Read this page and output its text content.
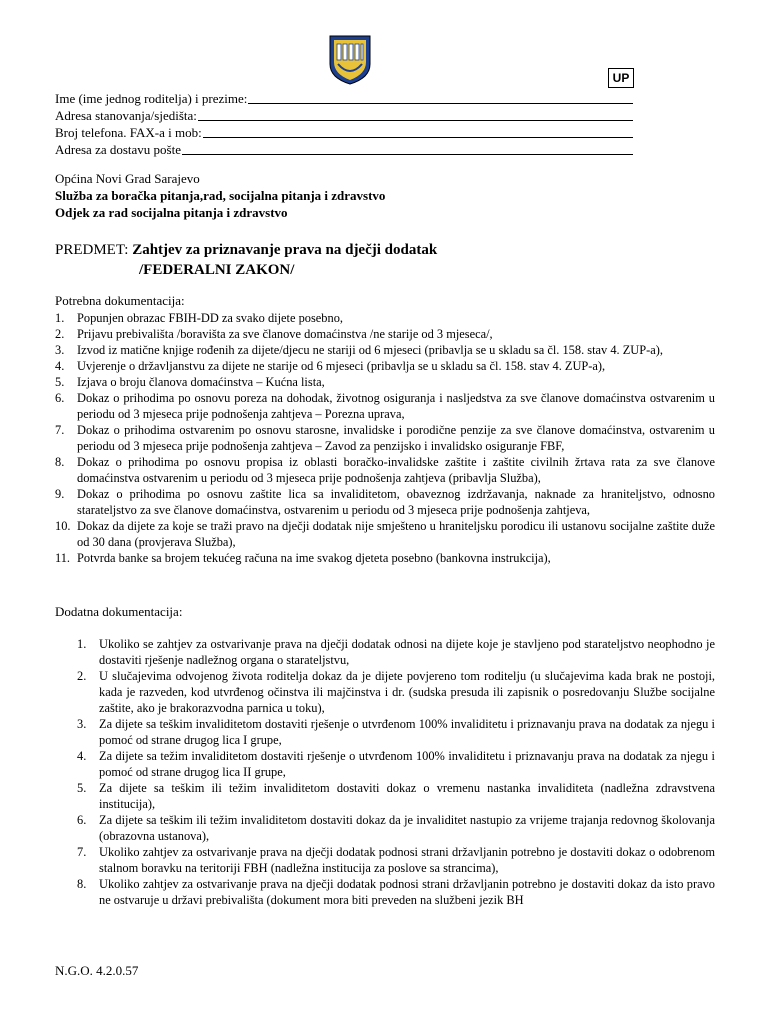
UP
Ime (ime jednog roditelja) i prezime:
Adresa stanovanja/sjedišta:
Broj telefona. FAX-a i mob:
Adresa za dostavu pošte
Općina Novi Grad Sarajevo
Služba za boračka pitanja,rad, socijalna pitanja i zdravstvo
Odjek za rad socijalna pitanja i zdravstvo
PREDMET: Zahtjev za priznavanje prava na dječji dodatak
/FEDERALNI ZAKON/
Potrebna dokumentacija:
1. Popunjen obrazac FBIH-DD za svako dijete posebno,
2. Prijavu prebivališta /boravišta za sve članove domaćinstva /ne starije od 3 mjeseca/,
3. Izvod iz matične knjige rođenih za dijete/djecu ne stariji od 6 mjeseci (pribavlja se u skladu sa čl. 158. stav 4. ZUP-a),
4. Uvjerenje o državljanstvu za dijete ne starije od 6 mjeseci (pribavlja se u skladu sa čl. 158. stav 4. ZUP-a),
5. Izjava o broju članova domaćinstva – Kućna lista,
6. Dokaz o prihodima po osnovu poreza na dohodak, životnog osiguranja i nasljedstva za sve članove domaćinstva ostvarenim u periodu od 3 mjeseca prije podnošenja zahtjeva – Porezna uprava,
7. Dokaz o prihodima ostvarenim po osnovu starosne, invalidske i porodične penzije za sve članove domaćinstva, ostvarenim u periodu od 3 mjeseca prije podnošenja zahtjeva – Zavod za penzijsko i invalidsko osiguranje FBF,
8. Dokaz o prihodima po osnovu propisa iz oblasti boračko-invalidske zaštite i zaštite civilnih žrtava rata za sve članove domaćinstva ostvarenim u periodu od 3 mjeseca prije podnošenja zahtjeva (pribavlja Služba),
9. Dokaz o prihodima po osnovu zaštite lica sa invaliditetom, obaveznog izdržavanja, naknade za hraniteljstvo, odnosno starateljstvo za sve članove domaćinstva, ostvarenim u periodu od 3 mjeseca prije podnošenja zahtjeva,
10. Dokaz da dijete za koje se traži pravo na dječji dodatak nije smješteno u hraniteljsku porodicu ili ustanovu socijalne zaštite duže od 30 dana (provjerava Služba),
11. Potvrda banke sa brojem tekućeg računa na ime svakog djeteta posebno (bankovna instrukcija),
Dodatna dokumentacija:
1. Ukoliko se zahtjev za ostvarivanje prava na dječji dodatak odnosi na dijete koje je stavljeno pod starateljstvo neophodno je dostaviti rješenje nadležnog organa o starateljstvu,
2. U slučajevima odvojenog života roditelja dokaz da je dijete povjereno tom roditelju (u slučajevima kada brak ne postoji, kada je razveden, kod utvrđenog očinstva ili majčinstva i dr. (sudska presuda ili zapisnik o posredovanju Službe socijalne zaštite, ako je brakorazvodna parnica u toku),
3. Za dijete sa teškim invaliditetom dostaviti rješenje o utvrđenom 100% invaliditetu i priznavanju prava na dodatak za njegu i pomoć od strane drugog lica I grupe,
4. Za dijete sa težim invaliditetom dostaviti rješenje o utvrđenom 100% invaliditetu i priznavanju prava na dodatak za njegu i pomoć od strane drugog lica II grupe,
5. Za dijete sa teškim ili težim invaliditetom dostaviti dokaz o vremenu nastanka invaliditeta (nadležna zdravstvena institucija),
6. Za dijete sa teškim ili težim invaliditetom dostaviti dokaz da je invaliditet nastupio za vrijeme trajanja redovnog školovanja (obrazovna ustanova),
7. Ukoliko zahtjev za ostvarivanje prava na dječji dodatak podnosi strani državljanin potrebno je dostaviti dokaz o odobrenom stalnom boravku na teritoriji FBH (nadležna institucija za poslove sa strancima),
8. Ukoliko zahtjev za ostvarivanje prava na dječji dodatak podnosi strani državljanin potrebno je dostaviti dokaz da isto pravo ne ostvaruje u državi prebivališta (dokument mora biti preveden na službeni jezik BH
N.G.O. 4.2.0.57
